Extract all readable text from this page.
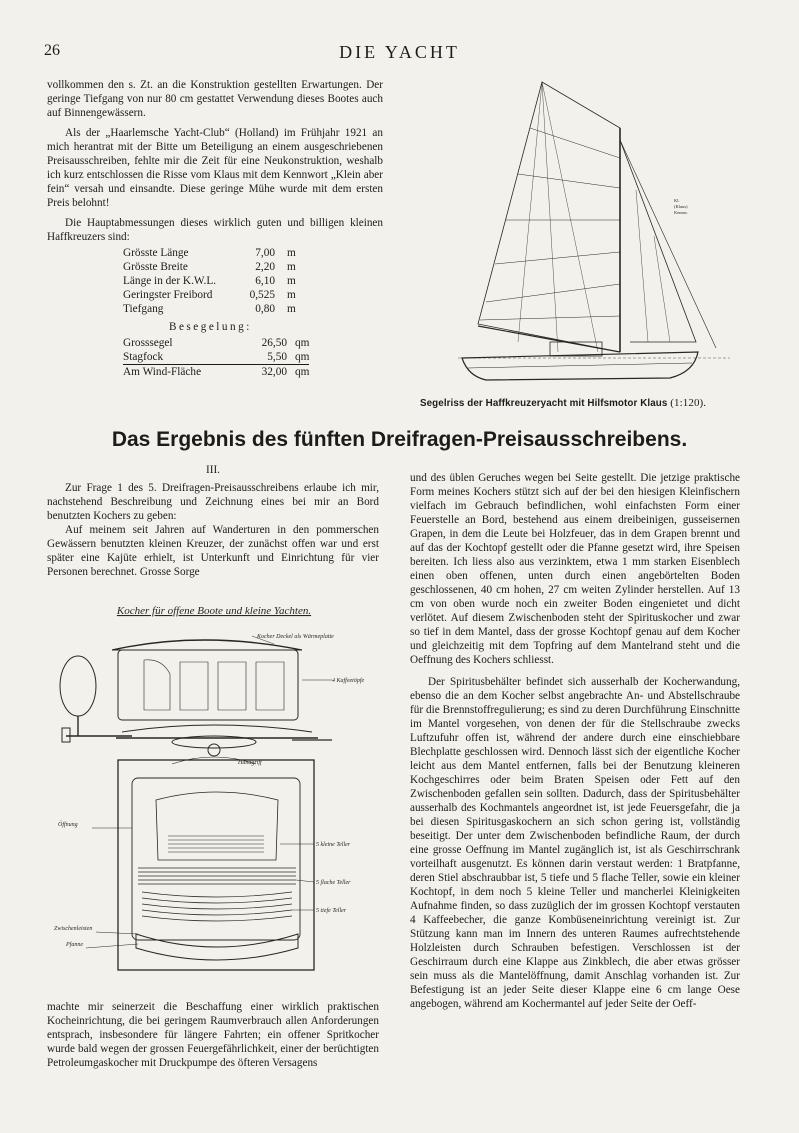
26	DIE YACHT

vollkommen den s. Zt. an die Konstruktion gestellten Erwartungen. Der geringe Tiefgang von nur 80 cm gestattet Verwendung dieses Bootes auch auf Binnengewässern.

Als der „Haarlemsche Yacht-Club“ (Holland) im Frühjahr 1921 an mich herantrat mit der Bitte um Beteiligung an einem ausgeschriebenen Preisausschreiben, fehlte mir die Zeit für eine Neukonstruktion, weshalb ich kurz entschlossen die Risse vom Klaus mit dem Kennwort „Klein aber fein“ versah und einsandte. Diese geringe Mühe wurde mit dem ersten Preis belohnt!

Die Hauptabmessungen dieses wirklich guten und billigen kleinen Haffkreuzers sind:

Grösste Länge	7,00	m
Grösste Breite	2,20	m
Länge in der K.W.L.	6,10	m
Geringster Freibord	0,525	m
Tiefgang	0,80	m
Besegelung:
Grosssegel	26,50	qm
Stagfock	5,50	qm
Am Wind-Fläche	32,00	qm
Kl.
(Klaus)
Kennw.
Segelriss der Haffkreuzeryacht mit Hilfsmotor Klaus (1:120).
Das Ergebnis des fünften Dreifragen-Preisausschreibens.

III.

Zur Frage 1 des 5. Dreifragen-Preisausschreibens erlaube ich mir, nachstehend Beschreibung und Zeichnung eines bei mir an Bord benutzten Kochers zu geben:

Auf meinem seit Jahren auf Wanderturen in den pommerschen Gewässern benutzten kleinen Kreuzer, der zunächst offen war und erst später eine Kajüte erhielt, ist Unterkunft und Einrichtung für vier Personen berechnet. Grosse Sorge

Kocher für offene Boote und kleine Yachten.
Kocher Deckel als Wärmeplatte
4 Kaffeetöpfe
Handgriff
Öffnung
5 kleine Teller
5 flache Teller
5 tiefe Teller
Zwischenleisten
Pfanne

machte mir seinerzeit die Beschaffung einer wirklich praktischen Kocheinrichtung, die bei geringem Raumverbrauch allen Anforderungen entsprach, insbesondere für längere Fahrten; ein offener Spritkocher wurde bald wegen der grossen Feuergefährlichkeit, einer der berüchtigten Petroleumgaskocher mit Druckpumpe des öfteren Versagens

und des üblen Geruches wegen bei Seite gestellt. Die jetzige praktische Form meines Kochers stützt sich auf der bei den hiesigen Kleinfischern vielfach im Gebrauch befindlichen, wohl einfachsten Form einer Feuerstelle an Bord, bestehend aus einem dreibeinigen, gusseisernen Grapen, in dem die Leute bei Holzfeuer, das in dem Grapen brennt und auf das der Kochtopf gestellt oder die Pfanne gesetzt wird, ihre Speisen bereiten. Ich liess also aus verzinktem, etwa 1 mm starken Eisenblech einen oben offenen, unten durch einen angebörtelten Boden geschlossenen, 40 cm hohen, 27 cm weiten Zylinder herstellen. Auf 13 cm von oben wurde noch ein zweiter Boden eingenietet und dicht verlötet. Auf diesem Zwischenboden steht der Spirituskocher und zwar so tief in dem Mantel, dass der grosse Kochtopf genau auf dem Kocher und gleichzeitig mit dem Topfring auf dem Mantelrand steht und die Oeffnung des Kochers schliesst.

Der Spiritusbehälter befindet sich ausserhalb der Kocherwandung, ebenso die an dem Kocher selbst angebrachte An- und Abstellschraube für die Brennstoffregulierung; es sind zu deren Durchführung Einschnitte im Mantel vorgesehen, von denen der für die Stellschraube zwecks Luftzufuhr offen ist, während der andere durch eine einschiebbare Blechplatte geschlossen wird. Dennoch lässt sich der eigentliche Kocher leicht aus dem Mantel entfernen, falls bei der Benutzung kleineren Kochgeschirres oder beim Braten Speisen oder Fett auf den Zwischenboden gefallen sein sollten. Dadurch, dass der Spiritusbehälter ausserhalb des Kochmantels angeordnet ist, ist jede Feuersgefahr, die ja bei diesen Spiritusgaskochern an sich schon gering ist, vollständig beseitigt. Der unter dem Zwischenboden befindliche Raum, der durch eine grosse Oeffnung im Mantel zugänglich ist, ist als Geschirrschrank vorteilhaft ausgenutzt. Es können darin verstaut werden: 1 Bratpfanne, deren Stiel abschraubbar ist, 5 tiefe und 5 flache Teller, sowie ein kleiner Kochtopf, in dem noch 5 kleine Teller und mancherlei Kleinigkeiten Aufnahme finden, so dass zuzüglich der im grossen Kochtopf verstauten 4 Kaffeebecher, die ganze Kombüseneinrichtung vereinigt ist. Zur Stützung kann man im Innern des unteren Raumes aufrechtstehende Holzleisten durch Schrauben befestigen. Verschlossen ist der Geschirraum durch eine Klappe aus Zinkblech, die aber etwas grösser sein muss als die Mantelöffnung, damit Anschlag vorhanden ist. Zur Befestigung ist an jeder Seite dieser Klappe eine 6 cm lange Oese angebogen, während am Kochermantel auf jeder Seite der Oeff-
